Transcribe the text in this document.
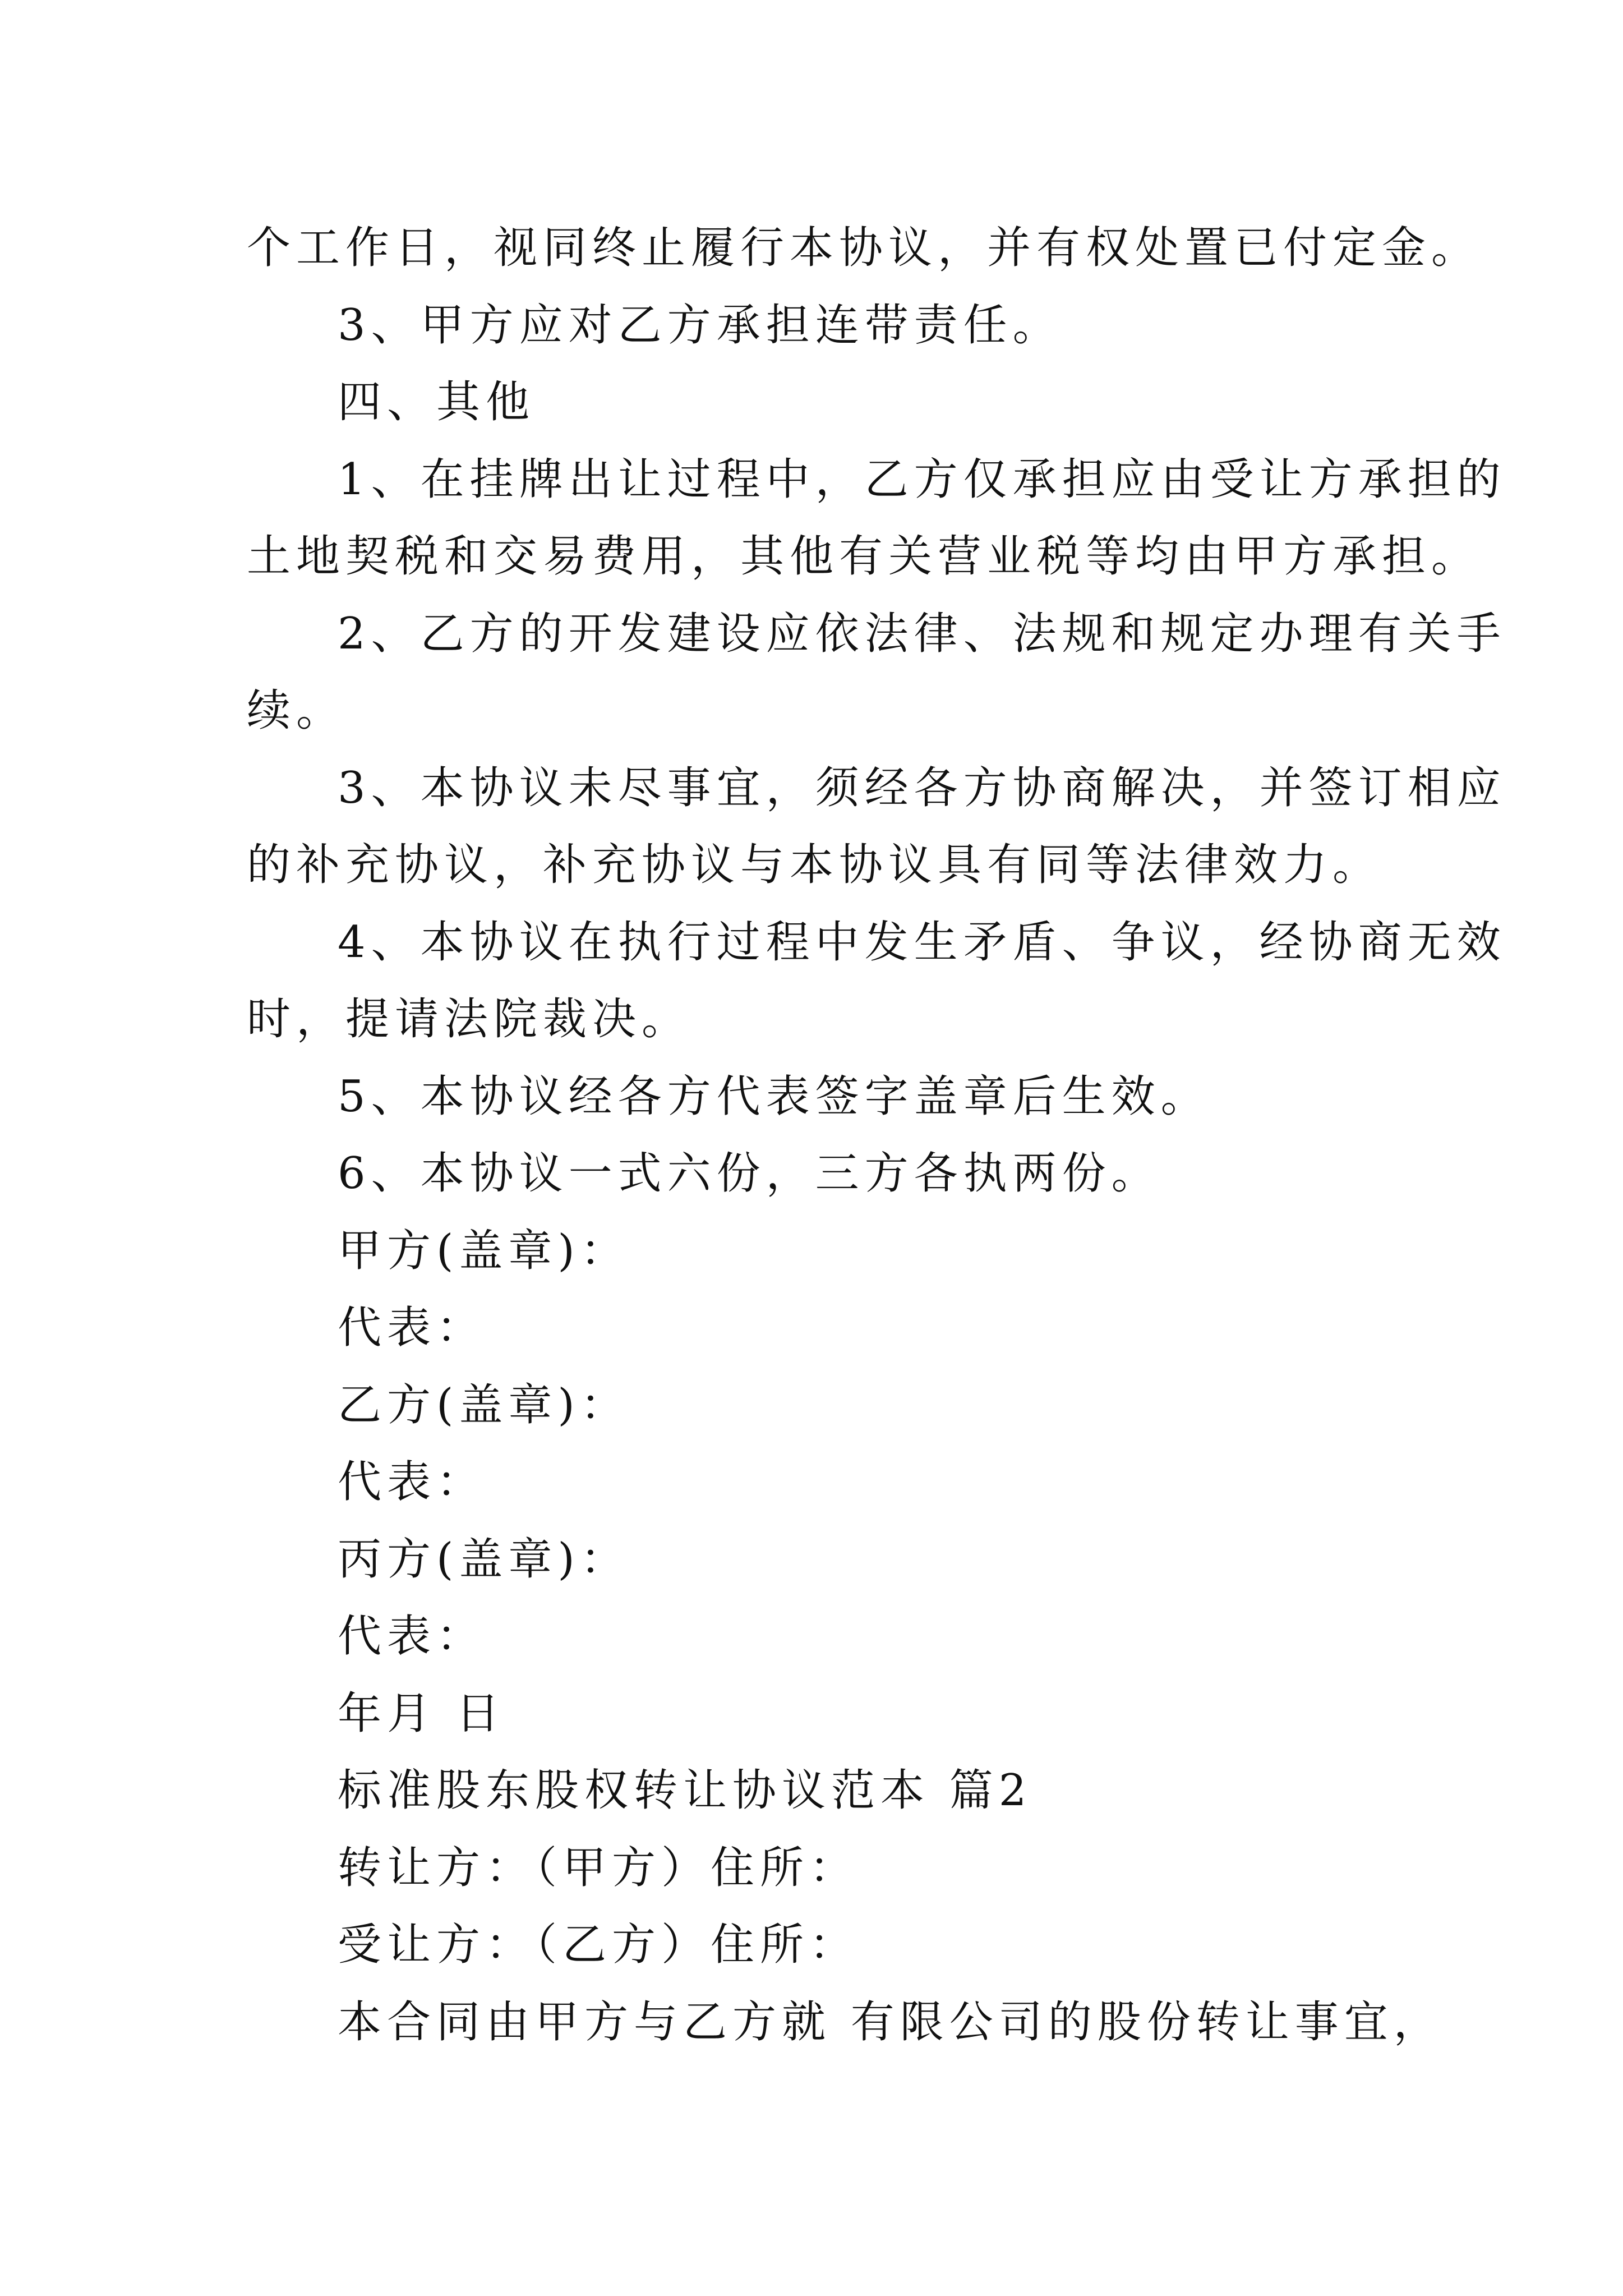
个工作日，视同终止履行本协议，并有权处置已付定金。

3、甲方应对乙方承担连带责任。

四、其他

1、在挂牌出让过程中，乙方仅承担应由受让方承担的

土地契税和交易费用，其他有关营业税等均由甲方承担。

2、乙方的开发建设应依法律、法规和规定办理有关手

续。

3、本协议未尽事宜，须经各方协商解决，并签订相应

的补充协议，补充协议与本协议具有同等法律效力。

4、本协议在执行过程中发生矛盾、争议，经协商无效

时，提请法院裁决。

5、本协议经各方代表签字盖章后生效。

6、本协议一式六份，三方各执两份。

甲方(盖章)：

代表：

乙方(盖章)：

代表：

丙方(盖章)：

代表：

年月 日

标准股东股权转让协议范本 篇2

转让方：（甲方）住所：

受让方：（乙方）住所：

本合同由甲方与乙方就 有限公司的股份转让事宜，
